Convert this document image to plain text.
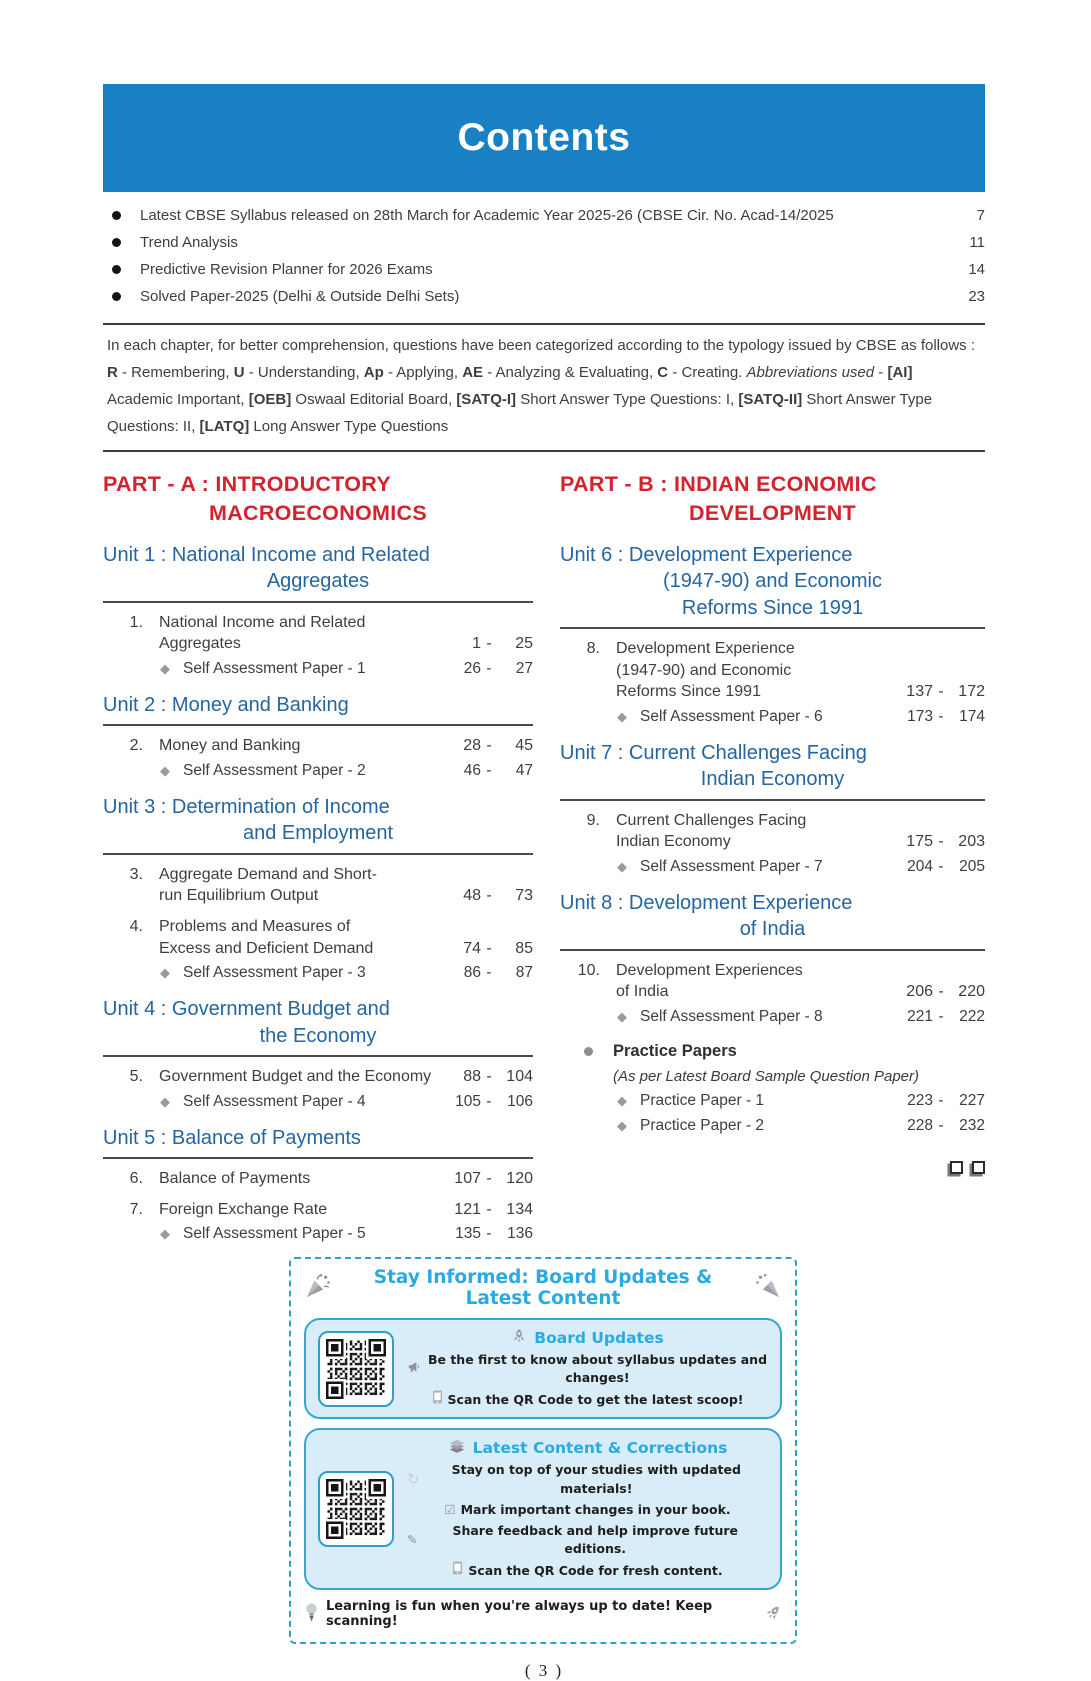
Contents
Latest CBSE Syllabus released on 28th March for Academic Year 2025-26 (CBSE Cir. No. Acad-14/2025	7
Trend Analysis	11
Predictive Revision Planner for 2026 Exams	14
Solved Paper-2025 (Delhi & Outside Delhi Sets)	23
In each chapter, for better comprehension, questions have been categorized according to the typology issued by CBSE as follows : R - Remembering, U - Understanding, Ap - Applying, AE - Analyzing & Evaluating, C - Creating. Abbreviations used - [AI] Academic Important, [OEB] Oswaal Editorial Board, [SATQ-I] Short Answer Type Questions: I, [SATQ-II] Short Answer Type Questions: II, [LATQ] Long Answer Type Questions
PART - A : INTRODUCTORY
MACROECONOMICS
Unit 1 : National Income and Related
Aggregates
1. National Income and Related
Aggregates	1 -	25
◆ Self Assessment Paper - 1	26 -	27
Unit 2 : Money and Banking
2. Money and Banking	28 -	45
◆ Self Assessment Paper - 2	46 -	47
Unit 3 : Determination of Income
and Employment
3. Aggregate Demand and Short-
run Equilibrium Output	48 -	73
4. Problems and Measures of
Excess and Deficient Demand	74 -	85
◆ Self Assessment Paper - 3	86 -	87
Unit 4 : Government Budget and
the Economy
5. Government Budget and the Economy	88 - 104
◆ Self Assessment Paper - 4	105 -	106
Unit 5 : Balance of Payments
6. Balance of Payments	107 - 120
7. Foreign Exchange Rate	121 - 134
◆ Self Assessment Paper - 5	135 -	136
PART - B : INDIAN ECONOMIC
DEVELOPMENT
Unit 6 : Development Experience
(1947-90) and Economic
Reforms Since 1991
8. Development Experience
(1947-90) and Economic
Reforms Since 1991	137 - 172
◆ Self Assessment Paper - 6	173 -	174
Unit 7 : Current Challenges Facing
Indian Economy
9. Current Challenges Facing
Indian Economy	175 - 203
◆ Self Assessment Paper - 7	204 -	205
Unit 8 : Development Experience
of India
10. Development Experiences
of India	206 - 220
◆ Self Assessment Paper - 8	221 -	222
Practice Papers
(As per Latest Board Sample Question Paper)
◆ Practice Paper - 1	223 -	227
◆ Practice Paper - 2	228 -	232
Stay Informed: Board Updates & Latest Content
Board Updates
Be the first to know about syllabus updates and changes!
Scan the QR Code to get the latest scoop!
Latest Content & Corrections
↻	Stay on top of your studies with updated materials!
☑ Mark important changes in your book.
✎
Share feedback and help improve future editions.
Scan the QR Code for fresh content.
Learning is fun when you're always up to date! Keep scanning!
( 3 )
